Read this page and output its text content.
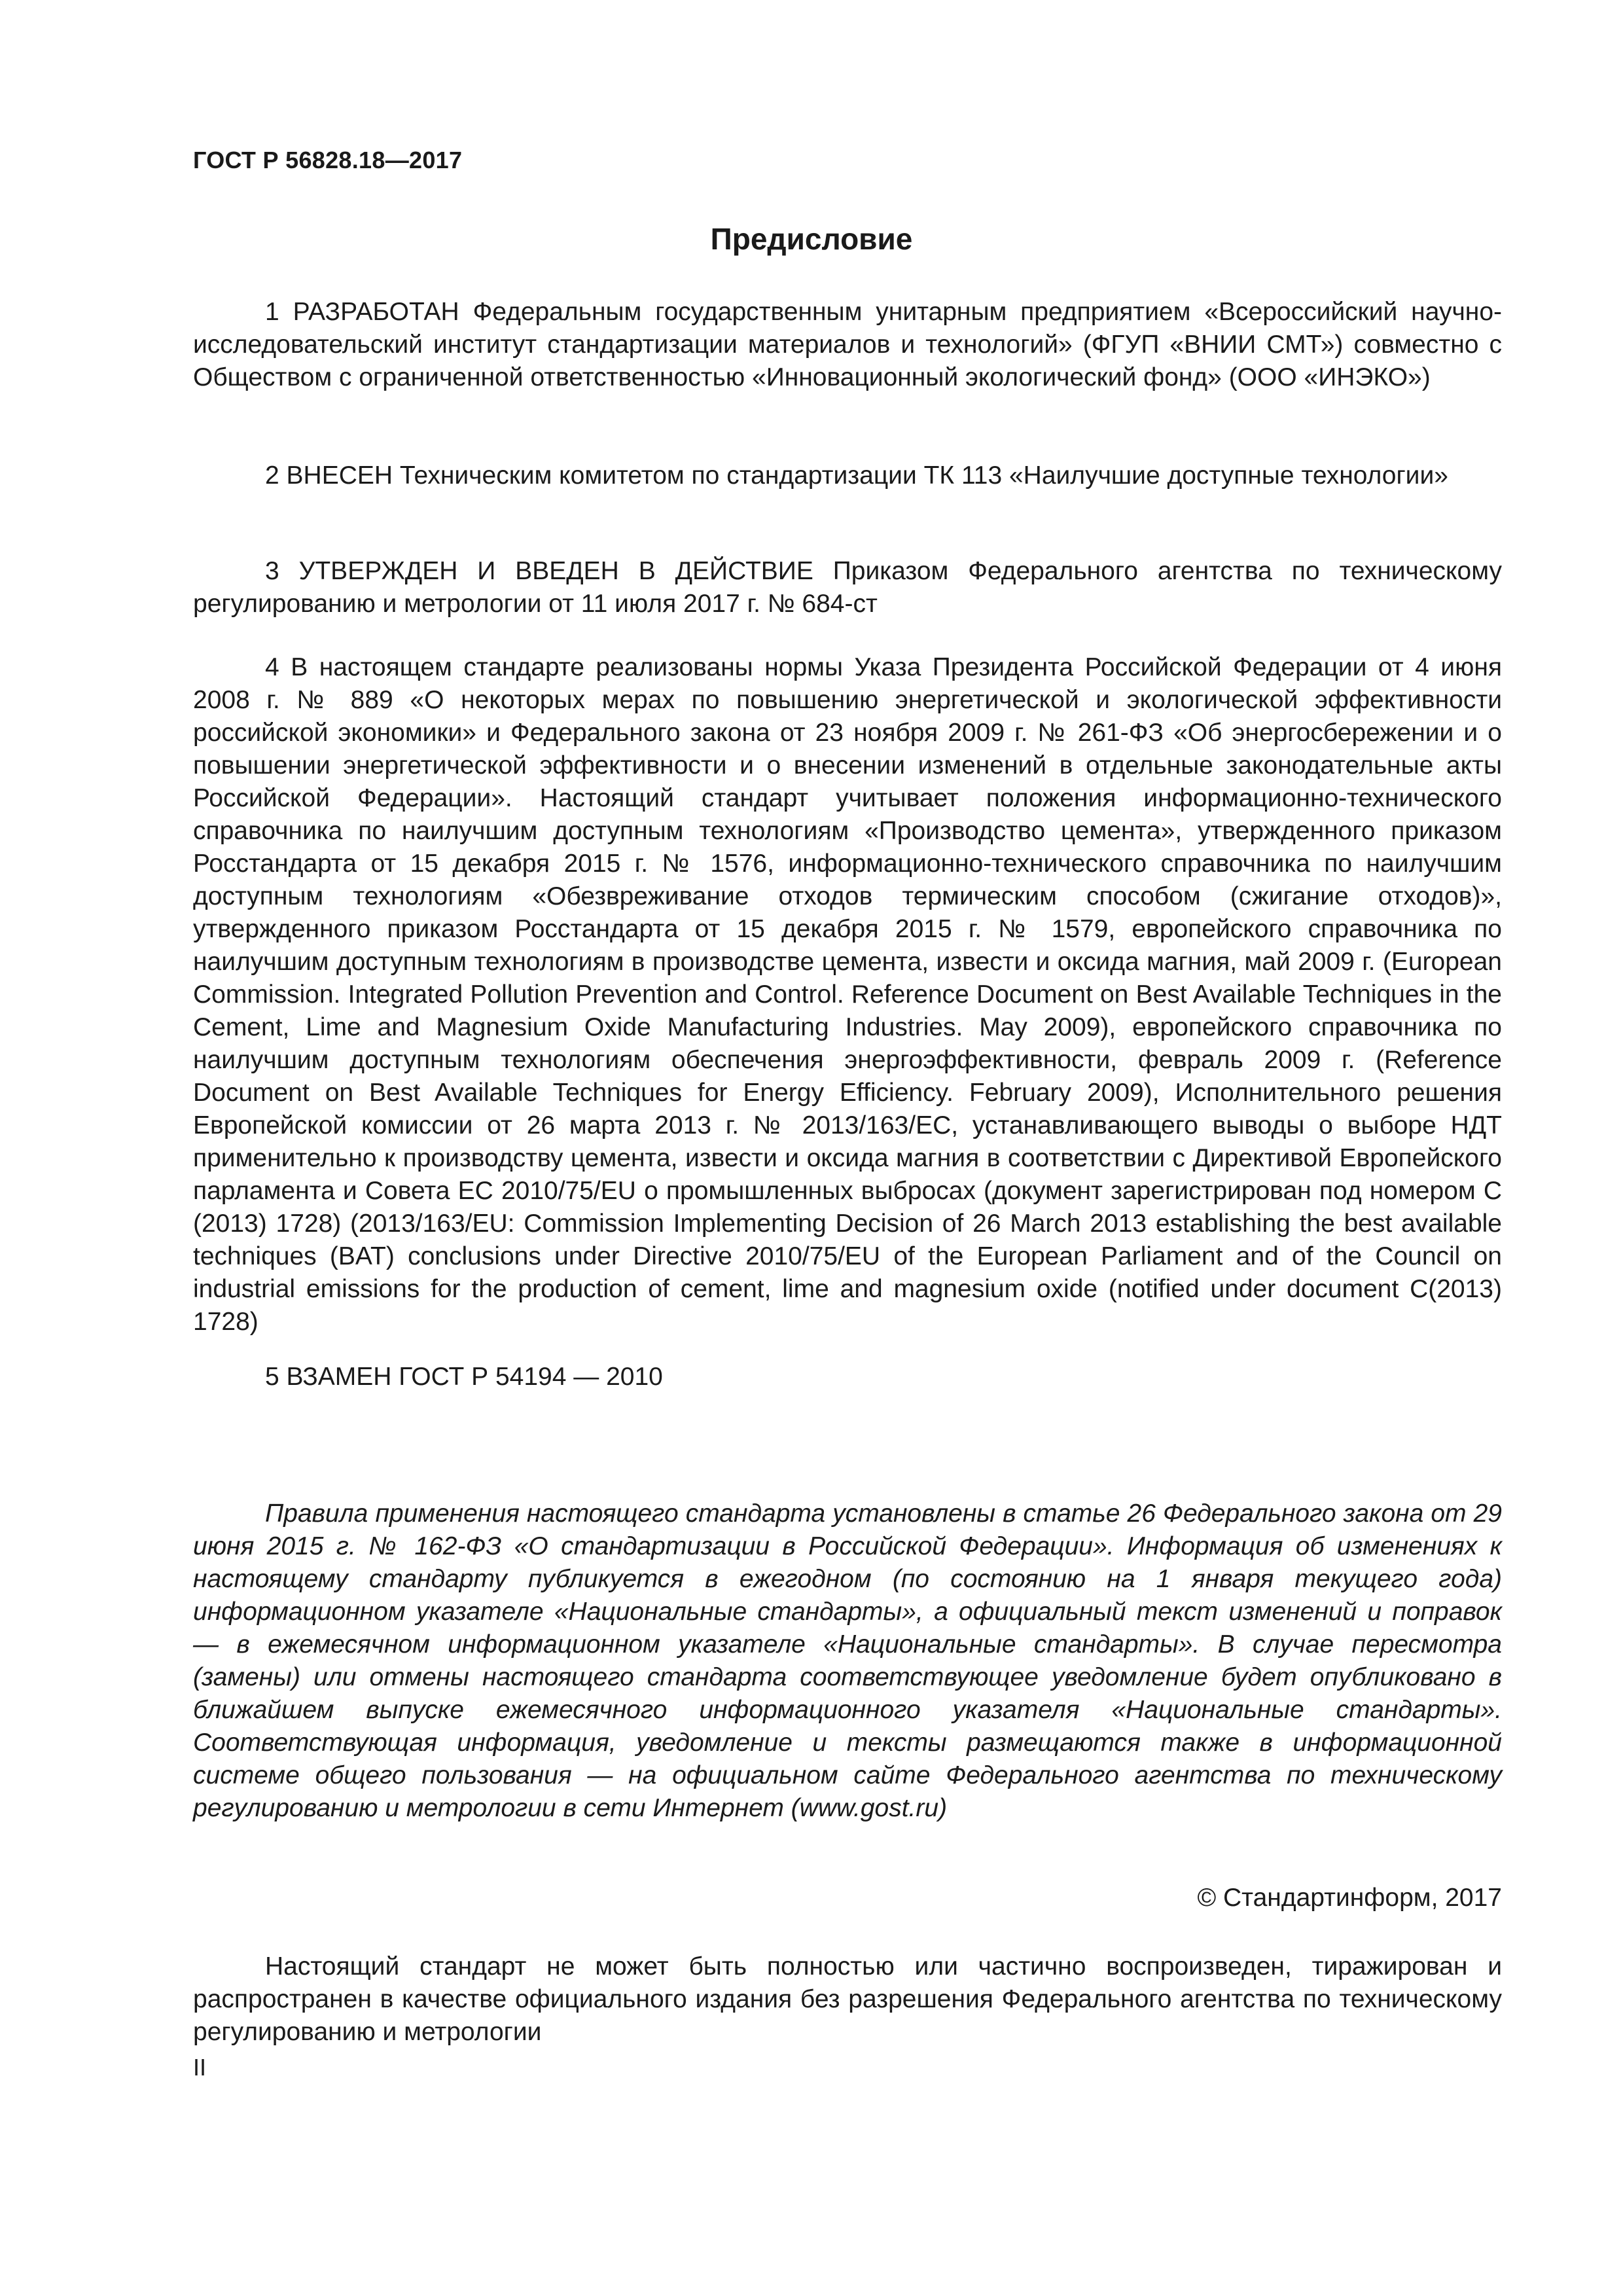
ГОСТ Р 56828.18—2017
Предисловие

1 РАЗРАБОТАН Федеральным государственным унитарным предприятием «Всероссийский научно-исследовательский институт стандартизации материалов и технологий» (ФГУП «ВНИИ СМТ») совместно с Обществом с ограниченной ответственностью «Инновационный экологический фонд» (ООО «ИНЭКО»)

2 ВНЕСЕН Техническим комитетом по стандартизации ТК 113 «Наилучшие доступные технологии»

3 УТВЕРЖДЕН И ВВЕДЕН В ДЕЙСТВИЕ Приказом Федерального агентства по техническому регулированию и метрологии от 11 июля 2017 г. № 684-ст

4 В настоящем стандарте реализованы нормы Указа Президента Российской Федерации от 4 июня 2008 г. № 889 «О некоторых мерах по повышению энергетической и экологической эффективности российской экономики» и Федерального закона от 23 ноября 2009 г. № 261-ФЗ «Об энергосбережении и о повышении энергетической эффективности и о внесении изменений в отдельные законодательные акты Российской Федерации». Настоящий стандарт учитывает положения информационно-технического справочника по наилучшим доступным технологиям «Производство цемента», утвержденного приказом Росстандарта от 15 декабря 2015 г. № 1576, информационно-технического справочника по наилучшим доступным технологиям «Обезвреживание отходов термическим способом (сжигание отходов)», утвержденного приказом Росстандарта от 15 декабря 2015 г. № 1579, европейского справочника по наилучшим доступным технологиям в производстве цемента, извести и оксида магния, май 2009 г. (European Commission. Integrated Pollution Prevention and Control. Reference Document on Best Available Techniques in the Cement, Lime and Magnesium Oxide Manufacturing Industries. May 2009), европейского справочника по наилучшим доступным технологиям обеспечения энергоэффективности, февраль 2009 г. (Reference Document on Best Available Techniques for Energy Efficiency. February 2009), Исполнительного решения Европейской комиссии от 26 марта 2013 г. № 2013/163/ЕС, устанавливающего выводы о выборе НДТ применительно к производству цемента, извести и оксида магния в соответствии с Директивой Европейского парламента и Совета ЕС 2010/75/EU о промышленных выбросах (документ зарегистрирован под номером С (2013) 1728) (2013/163/EU: Commission Implementing Decision of 26 March 2013 establishing the best available techniques (BAT) conclusions under Directive 2010/75/EU of the European Parliament and of the Council on industrial emissions for the production of cement, lime and magnesium oxide (notified under document C(2013) 1728)

5 ВЗАМЕН ГОСТ Р 54194 — 2010

Правила применения настоящего стандарта установлены в статье 26 Федерального закона от 29 июня 2015 г. № 162-ФЗ «О стандартизации в Российской Федерации». Информация об изменениях к настоящему стандарту публикуется в ежегодном (по состоянию на 1 января текущего года) информационном указателе «Национальные стандарты», а официальный текст изменений и поправок — в ежемесячном информационном указателе «Национальные стандарты». В случае пересмотра (замены) или отмены настоящего стандарта соответствующее уведомление будет опубликовано в ближайшем выпуске ежемесячного информационного указателя «Национальные стандарты». Соответствующая информация, уведомление и тексты размещаются также в информационной системе общего пользования — на официальном сайте Федерального агентства по техническому регулированию и метрологии в сети Интернет (www.gost.ru)

© Стандартинформ, 2017

Настоящий стандарт не может быть полностью или частично воспроизведен, тиражирован и распространен в качестве официального издания без разрешения Федерального агентства по техническому регулированию и метрологии

II
